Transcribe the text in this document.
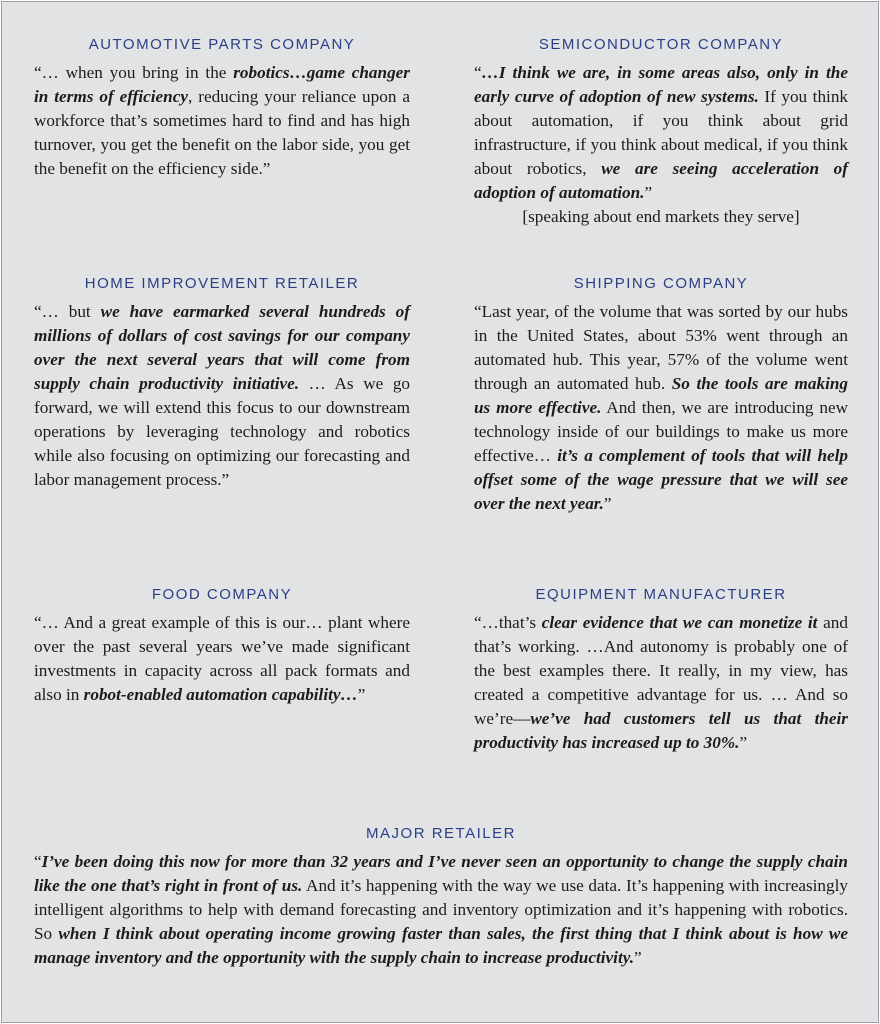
AUTOMOTIVE PARTS COMPANY

“… when you bring in the robotics…game changer in terms of efficiency, reducing your reliance upon a workforce that’s sometimes hard to find and has high turnover, you get the benefit on the labor side, you get the benefit on the efficiency side.”

SEMICONDUCTOR COMPANY

“…I think we are, in some areas also, only in the early curve of adoption of new systems. If you think about automation, if you think about grid infrastructure, if you think about medical, if you think about robotics, we are seeing acceleration of adoption of automation.”

[speaking about end markets they serve]

HOME IMPROVEMENT RETAILER

“… but we have earmarked several hundreds of millions of dollars of cost savings for our company over the next several years that will come from supply chain productivity initiative. … As we go forward, we will extend this focus to our downstream operations by leveraging technology and robotics while also focusing on optimizing our forecasting and labor management process.”

SHIPPING COMPANY

“Last year, of the volume that was sorted by our hubs in the United States, about 53% went through an automated hub. This year, 57% of the volume went through an automated hub. So the tools are making us more effective. And then, we are introducing new technology inside of our buildings to make us more effective… it’s a complement of tools that will help offset some of the wage pressure that we will see over the next year.”

FOOD COMPANY

“… And a great example of this is our… plant where over the past several years we’ve made significant investments in capacity across all pack formats and also in robot-enabled automation capability…”

EQUIPMENT MANUFACTURER

“…that’s clear evidence that we can monetize it and that’s working. …And autonomy is probably one of the best examples there. It really, in my view, has created a competitive advantage for us. … And so we’re—we’ve had customers tell us that their productivity has increased up to 30%.”

MAJOR RETAILER

“I’ve been doing this now for more than 32 years and I’ve never seen an opportunity to change the supply chain like the one that’s right in front of us. And it’s happening with the way we use data. It’s happening with increasingly intelligent algorithms to help with demand forecasting and inventory optimization and it’s happening with robotics. So when I think about operating income growing faster than sales, the first thing that I think about is how we manage inventory and the opportunity with the supply chain to increase productivity.”
